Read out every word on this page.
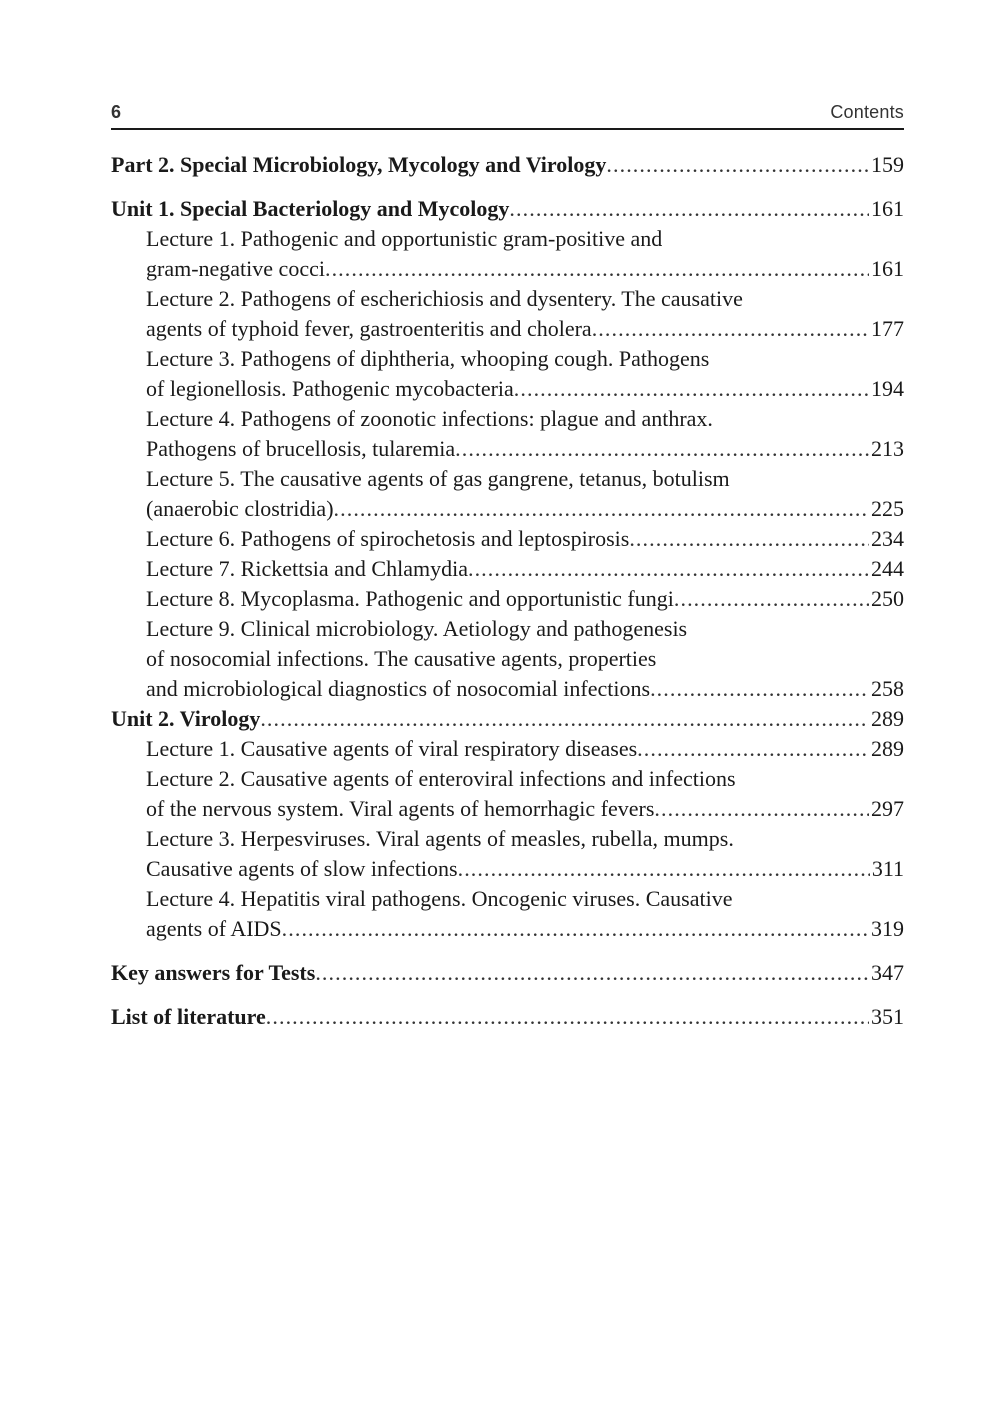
6	Contents
Part 2. Special Microbiology, Mycology and Virology . . .	159
Unit 1. Special Bacteriology and Mycology . . .	161
Lecture 1. Pathogenic and opportunistic gram-positive and
gram-negative cocci . . .	161
Lecture 2. Pathogens of escherichiosis and dysentery. The causative
agents of typhoid fever, gastroenteritis and cholera . . .	177
Lecture 3. Pathogens of diphtheria, whooping cough. Pathogens
of legionellosis. Pathogenic mycobacteria . . .	194
Lecture 4. Pathogens of zoonotic infections: plague and anthrax.
Pathogens of brucellosis, tularemia . . .	213
Lecture 5. The causative agents of gas gangrene, tetanus, botulism
(anaerobic clostridia) . . .	225
Lecture 6. Pathogens of spirochetosis and leptospirosis . . .	234
Lecture 7. Rickettsia and Chlamydia . . .	244
Lecture 8. Mycoplasma. Pathogenic and opportunistic fungi . . .	250
Lecture 9. Clinical microbiology. Aetiology and pathogenesis
of nosocomial infections. The causative agents, properties
and microbiological diagnostics of nosocomial infections . . .	258
Unit 2. Virology . . .	289
Lecture 1. Causative agents of viral respiratory diseases . . .	289
Lecture 2. Causative agents of enteroviral infections and infections
of the nervous system. Viral agents of hemorrhagic fevers . . .	297
Lecture 3. Herpesviruses. Viral agents of measles, rubella, mumps.
Causative agents of slow infections . . .	311
Lecture 4. Hepatitis viral pathogens. Oncogenic viruses. Causative
agents of AIDS . . .	319
Key answers for Tests . . .	347
List of literature . . .	351
